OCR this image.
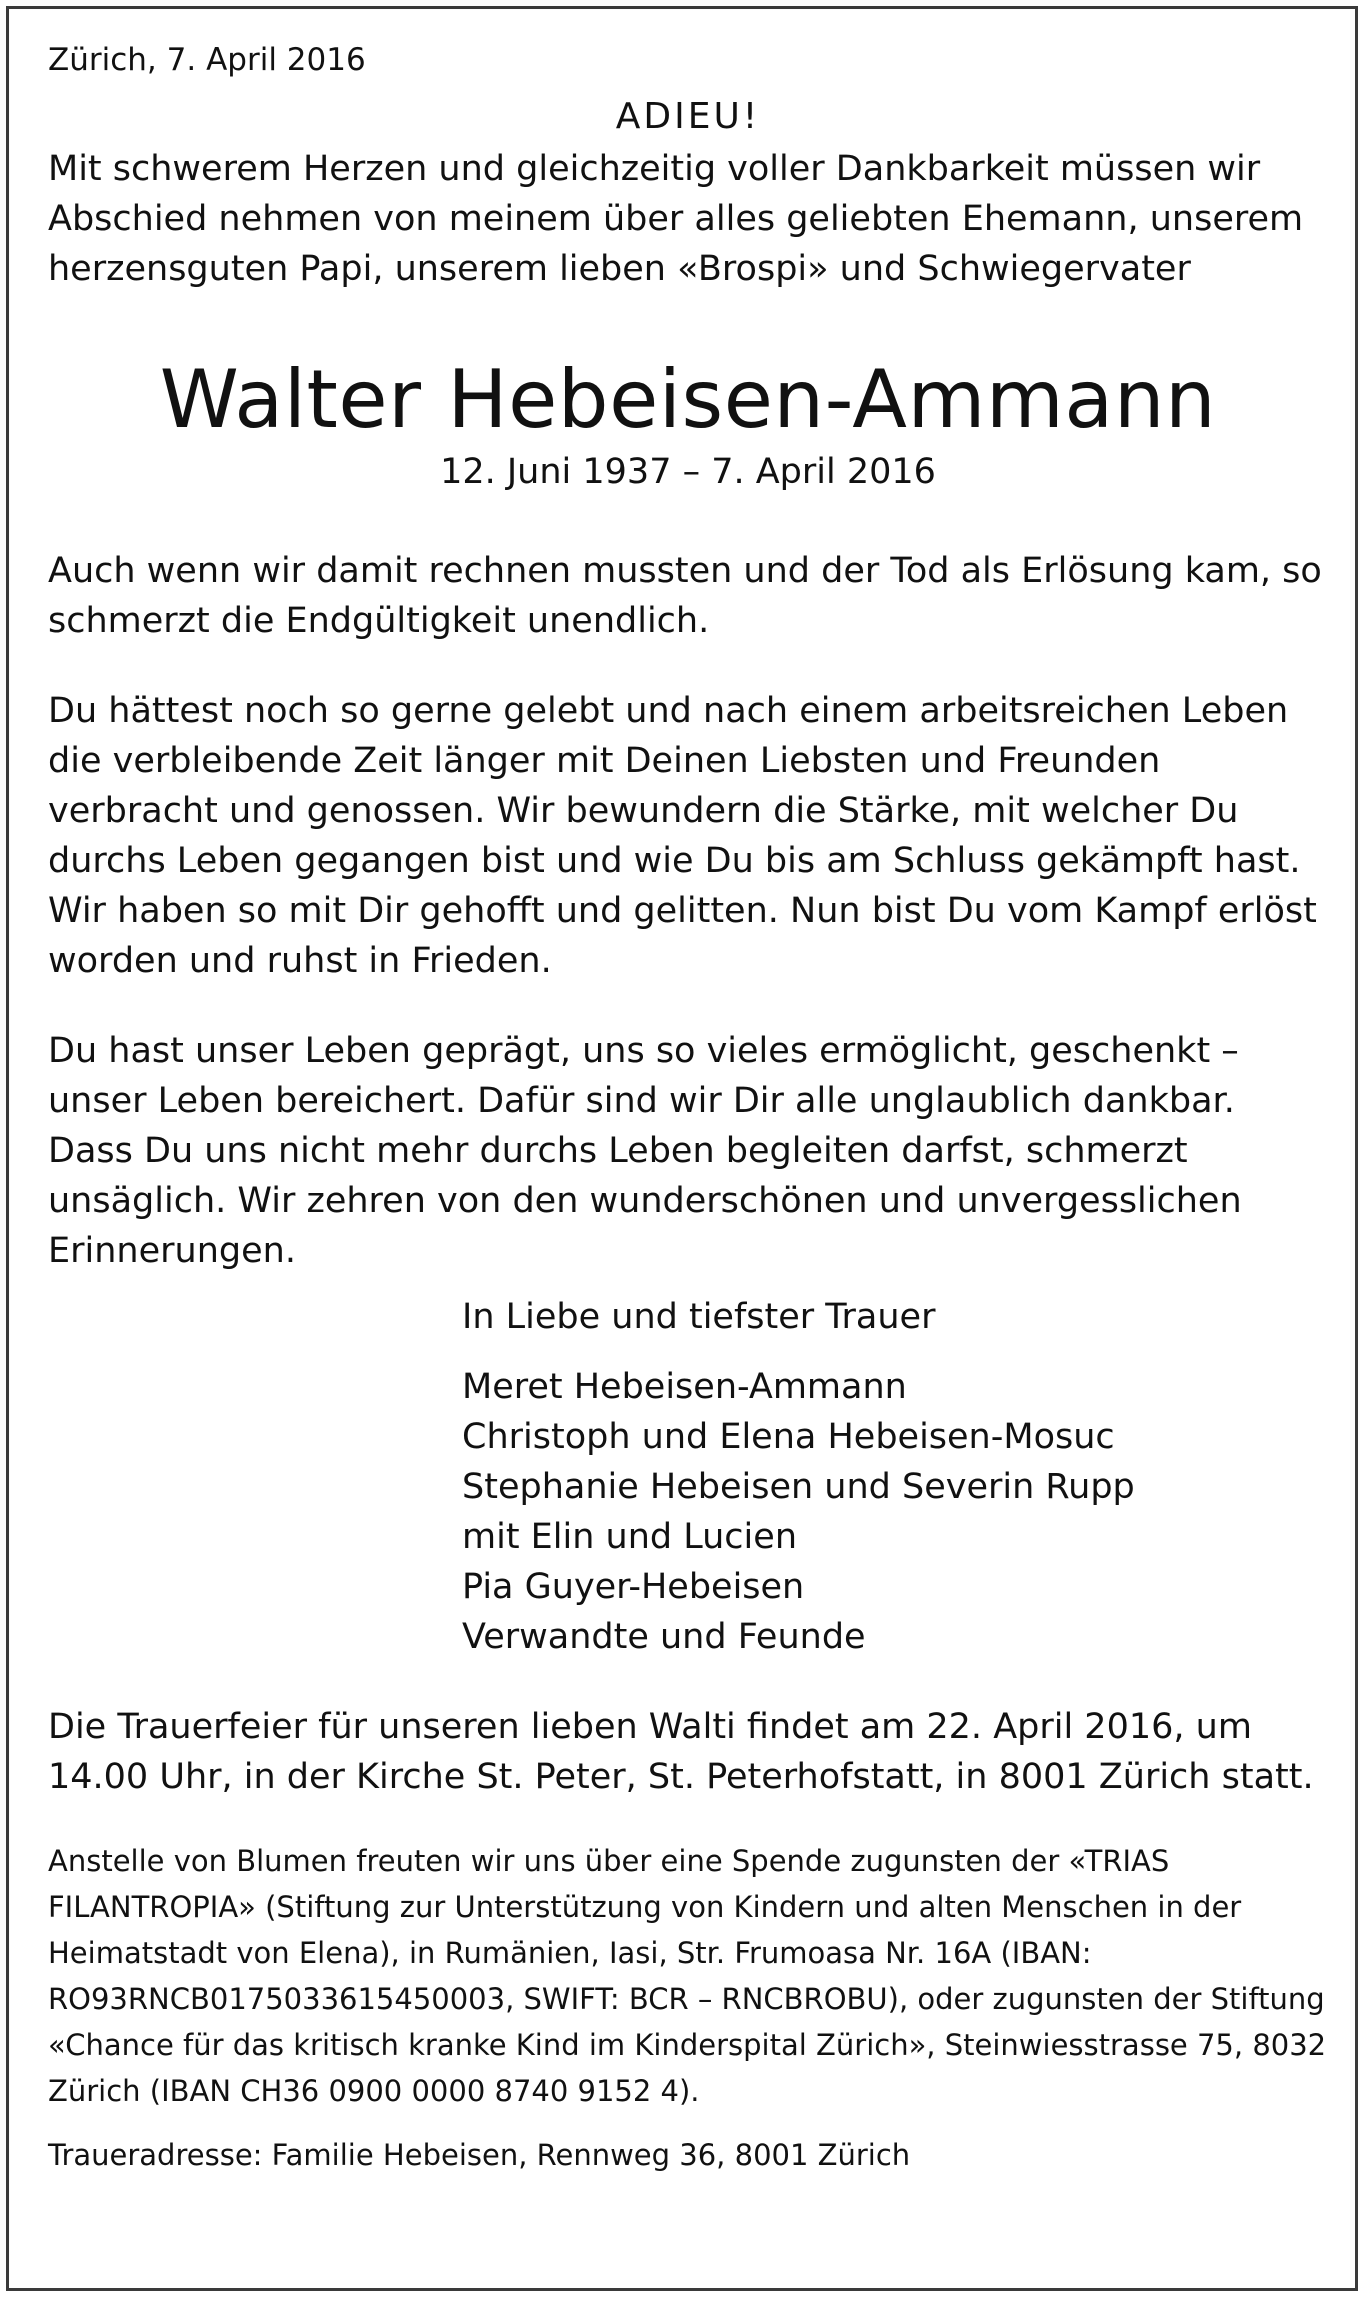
Zürich, 7. April 2016

ADIEU!

Mit schwerem Herzen und gleichzeitig voller Dankbarkeit müssen wir Abschied nehmen von meinem über alles geliebten Ehemann, unserem herzensguten Papi, unserem lieben «Brospi» und Schwiegervater

Walter Hebeisen-Ammann
12. Juni 1937 – 7. April 2016

Auch wenn wir damit rechnen mussten und der Tod als Erlösung kam, so schmerzt die Endgültigkeit unendlich.

Du hättest noch so gerne gelebt und nach einem arbeitsreichen Leben die verbleibende Zeit länger mit Deinen Liebsten und Freunden verbracht und genossen. Wir bewundern die Stärke, mit welcher Du durchs Leben gegangen bist und wie Du bis am Schluss gekämpft hast. Wir haben so mit Dir gehofft und gelitten. Nun bist Du vom Kampf erlöst worden und ruhst in Frieden.

Du hast unser Leben geprägt, uns so vieles ermöglicht, geschenkt – unser Leben bereichert. Dafür sind wir Dir alle unglaublich dankbar. Dass Du uns nicht mehr durchs Leben begleiten darfst, schmerzt unsäglich. Wir zehren von den wunderschönen und unvergesslichen Erinnerungen.

In Liebe und tiefster Trauer
Meret Hebeisen-Ammann
Christoph und Elena Hebeisen-Mosuc
Stephanie Hebeisen und Severin Rupp
mit Elin und Lucien
Pia Guyer-Hebeisen
Verwandte und Feunde

Die Trauerfeier für unseren lieben Walti findet am 22. April 2016, um 14.00 Uhr, in der Kirche St. Peter, St. Peterhofstatt, in 8001 Zürich statt.

Anstelle von Blumen freuten wir uns über eine Spende zugunsten der «TRIAS FILANTROPIA» (Stiftung zur Unterstützung von Kindern und alten Menschen in der Heimatstadt von Elena), in Rumänien, Iasi, Str. Frumoasa Nr. 16A (IBAN: RO93RNCB0175033615450003, SWIFT: BCR – RNCBROBU), oder zugunsten der Stiftung «Chance für das kritisch kranke Kind im Kinderspital Zürich», Steinwiesstrasse 75, 8032 Zürich (IBAN CH36 0900 0000 8740 9152 4).

Traueradresse: Familie Hebeisen, Rennweg 36, 8001 Zürich
